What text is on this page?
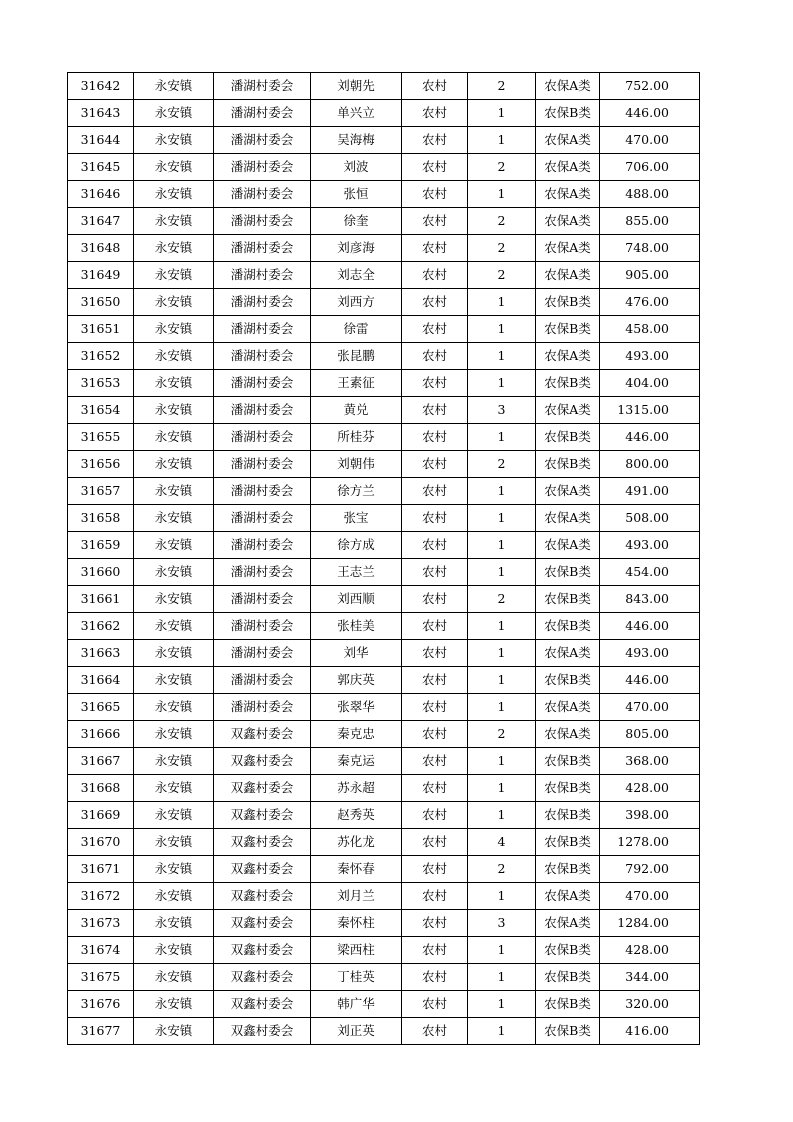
31642	永安镇	潘湖村委会	刘朝先	农村	2	农保A类	752.00
31643	永安镇	潘湖村委会	单兴立	农村	1	农保B类	446.00
31644	永安镇	潘湖村委会	吴海梅	农村	1	农保A类	470.00
31645	永安镇	潘湖村委会	刘波	农村	2	农保A类	706.00
31646	永安镇	潘湖村委会	张恒	农村	1	农保A类	488.00
31647	永安镇	潘湖村委会	徐奎	农村	2	农保A类	855.00
31648	永安镇	潘湖村委会	刘彦海	农村	2	农保A类	748.00
31649	永安镇	潘湖村委会	刘志全	农村	2	农保A类	905.00
31650	永安镇	潘湖村委会	刘西方	农村	1	农保B类	476.00
31651	永安镇	潘湖村委会	徐雷	农村	1	农保B类	458.00
31652	永安镇	潘湖村委会	张昆鹏	农村	1	农保A类	493.00
31653	永安镇	潘湖村委会	王素征	农村	1	农保B类	404.00
31654	永安镇	潘湖村委会	黄兑	农村	3	农保A类	1315.00
31655	永安镇	潘湖村委会	所桂芬	农村	1	农保B类	446.00
31656	永安镇	潘湖村委会	刘朝伟	农村	2	农保B类	800.00
31657	永安镇	潘湖村委会	徐方兰	农村	1	农保A类	491.00
31658	永安镇	潘湖村委会	张宝	农村	1	农保A类	508.00
31659	永安镇	潘湖村委会	徐方成	农村	1	农保A类	493.00
31660	永安镇	潘湖村委会	王志兰	农村	1	农保B类	454.00
31661	永安镇	潘湖村委会	刘西顺	农村	2	农保B类	843.00
31662	永安镇	潘湖村委会	张桂美	农村	1	农保B类	446.00
31663	永安镇	潘湖村委会	刘华	农村	1	农保A类	493.00
31664	永安镇	潘湖村委会	郭庆英	农村	1	农保B类	446.00
31665	永安镇	潘湖村委会	张翠华	农村	1	农保A类	470.00
31666	永安镇	双鑫村委会	秦克忠	农村	2	农保A类	805.00
31667	永安镇	双鑫村委会	秦克运	农村	1	农保B类	368.00
31668	永安镇	双鑫村委会	苏永超	农村	1	农保B类	428.00
31669	永安镇	双鑫村委会	赵秀英	农村	1	农保B类	398.00
31670	永安镇	双鑫村委会	苏化龙	农村	4	农保B类	1278.00
31671	永安镇	双鑫村委会	秦怀春	农村	2	农保B类	792.00
31672	永安镇	双鑫村委会	刘月兰	农村	1	农保A类	470.00
31673	永安镇	双鑫村委会	秦怀柱	农村	3	农保A类	1284.00
31674	永安镇	双鑫村委会	梁西柱	农村	1	农保B类	428.00
31675	永安镇	双鑫村委会	丁桂英	农村	1	农保B类	344.00
31676	永安镇	双鑫村委会	韩广华	农村	1	农保B类	320.00
31677	永安镇	双鑫村委会	刘正英	农村	1	农保B类	416.00
